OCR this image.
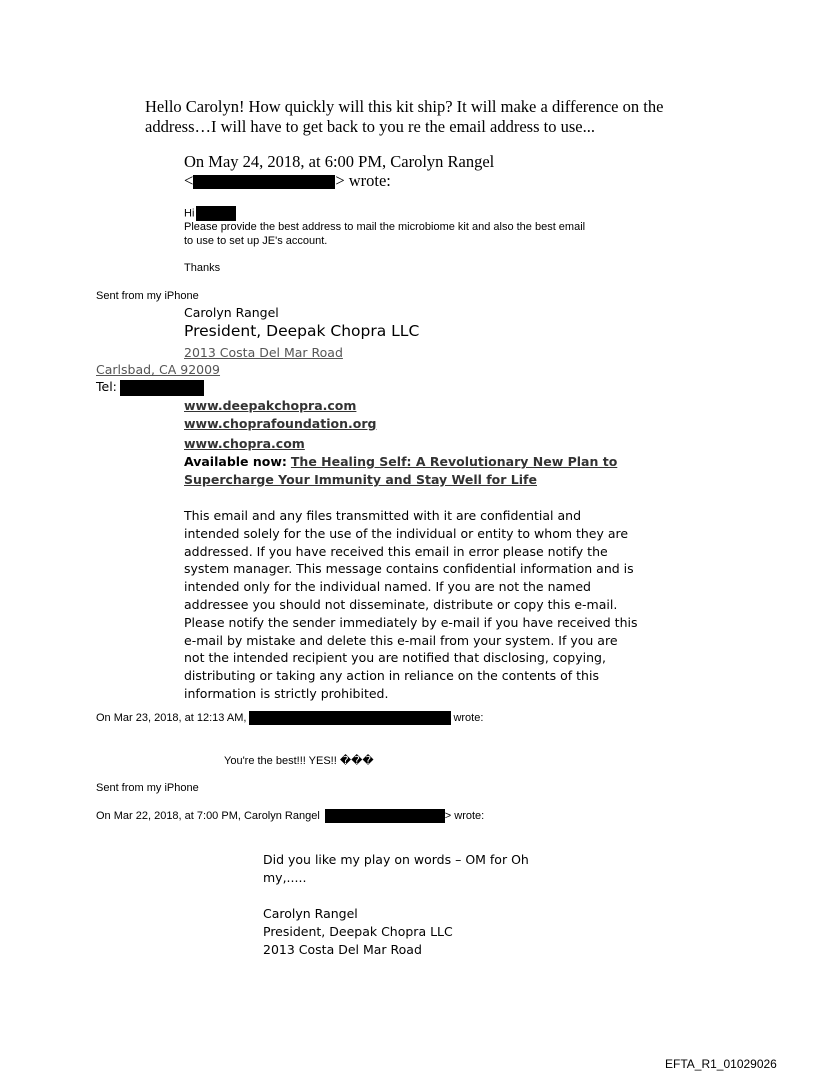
Hello Carolyn! How quickly will this kit ship? It will make a difference on the
address…I will have to get back to you re the email address to use...
On May 24, 2018, at 6:00 PM, Carolyn Rangel
<	> wrote:
Hi
Please provide the best address to mail the microbiome kit and also the best email
to use to set up JE's account.
Thanks
Sent from my iPhone
Carolyn Rangel
President, Deepak Chopra LLC
2013 Costa Del Mar Road
Carlsbad, CA 92009
Tel:
www.deepakchopra.com
www.choprafoundation.org
www.chopra.com
Available now: The Healing Self: A Revolutionary New Plan to
Supercharge Your Immunity and Stay Well for Life
This email and any files transmitted with it are confidential and intended solely for the use of the individual or entity to whom they are addressed. If you have received this email in error please notify the system manager. This message contains confidential information and is intended only for the individual named. If you are not the named addressee you should not disseminate, distribute or copy this e-mail. Please notify the sender immediately by e-mail if you have received this e-mail by mistake and delete this e-mail from your system. If you are not the intended recipient you are notified that disclosing, copying, distributing or taking any action in reliance on the contents of this information is strictly prohibited.
On Mar 23, 2018, at 12:13 AM,	wrote:
You're the best!!! YES!! ���
Sent from my iPhone
On Mar 22, 2018, at 7:00 PM, Carolyn Rangel	> wrote:
Did you like my play on words – OM for Oh
my,.....
Carolyn Rangel
President, Deepak Chopra LLC
2013 Costa Del Mar Road
EFTA_R1_01029026
